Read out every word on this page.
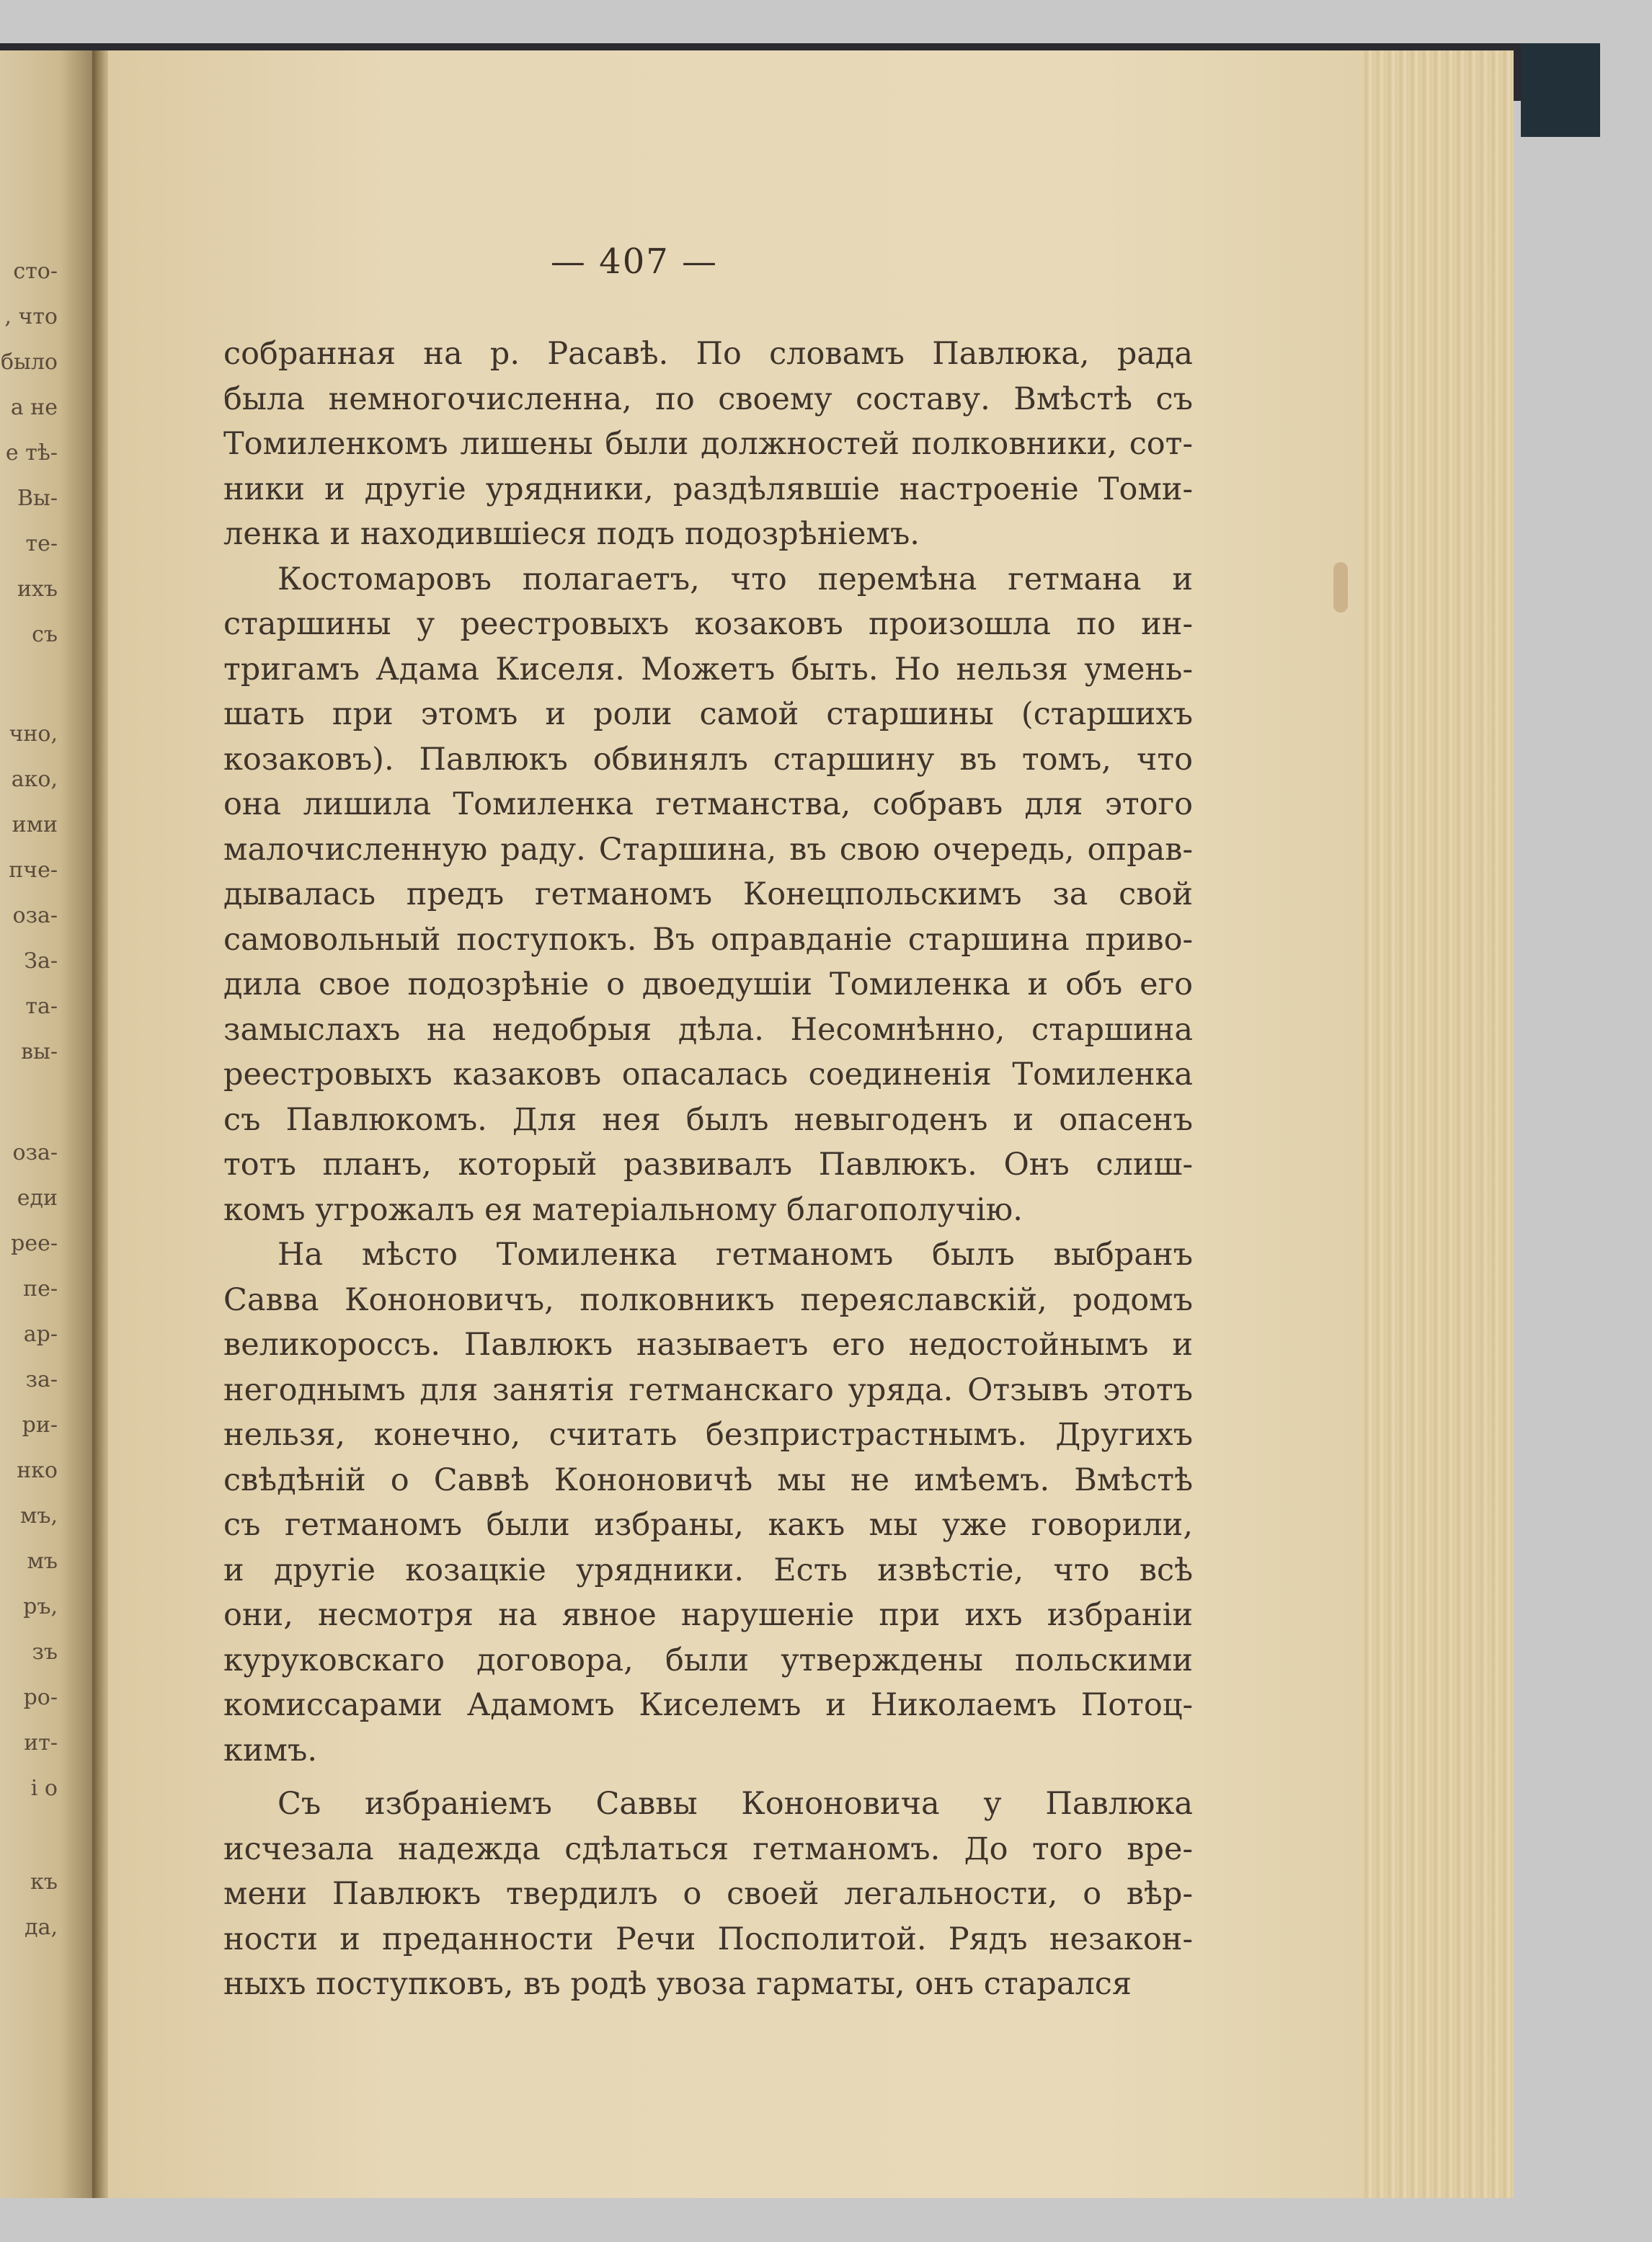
сто-
, что
было
а не
е тѣ-
Вы-
те-
ихъ
съ
чно,
ако,
ими
пче-
оза-
За-
та-
вы-
оза-
еди
рее-
пе-
ар-
за-
ри-
нко
мъ,
мъ
ръ,
зъ
ро-
ит-
і о
къ
да,
— 407 —
собранная на р. Расавѣ. По словамъ Павлюка, рада
была немногочисленна, по своему составу. Вмѣстѣ съ
Томиленкомъ лишены были должностей полковники, сот-
ники и другіе урядники, раздѣлявшіе настроеніе Томи-
ленка и находившіеся подъ подозрѣніемъ.
Костомаровъ полагаетъ, что перемѣна гетмана и
старшины у реестровыхъ козаковъ произошла по ин-
тригамъ Адама Киселя. Можетъ быть. Но нельзя умень-
шать при этомъ и роли самой старшины (старшихъ
козаковъ). Павлюкъ обвинялъ старшину въ томъ, что
она лишила Томиленка гетманства, собравъ для этого
малочисленную раду. Старшина, въ свою очередь, оправ-
дывалась предъ гетманомъ Конецпольскимъ за свой
самовольный поступокъ. Въ оправданіе старшина приво-
дила свое подозрѣніе о двоедушіи Томиленка и объ его
замыслахъ на недобрыя дѣла. Несомнѣнно, старшина
реестровыхъ казаковъ опасалась соединенія Томиленка
съ Павлюкомъ. Для нея былъ невыгоденъ и опасенъ
тотъ планъ, который развивалъ Павлюкъ. Онъ слиш-
комъ угрожалъ ея матеріальному благополучію.
На мѣсто Томиленка гетманомъ былъ выбранъ
Савва Кононовичъ, полковникъ переяславскій, родомъ
великороссъ. Павлюкъ называетъ его недостойнымъ и
негоднымъ для занятія гетманскаго уряда. Отзывъ этотъ
нельзя, конечно, считать безпристрастнымъ. Другихъ
свѣдѣній о Саввѣ Кононовичѣ мы не имѣемъ. Вмѣстѣ
съ гетманомъ были избраны, какъ мы уже говорили,
и другіе козацкіе урядники. Есть извѣстіе, что всѣ
они, несмотря на явное нарушеніе при ихъ избраніи
куруковскаго договора, были утверждены польскими
комиссарами Адамомъ Киселемъ и Николаемъ Потоц-
кимъ.
Съ избраніемъ Саввы Кононовича у Павлюка
исчезала надежда сдѣлаться гетманомъ. До того вре-
мени Павлюкъ твердилъ о своей легальности, о вѣр-
ности и преданности Речи Посполитой. Рядъ незакон-
ныхъ поступковъ, въ родѣ увоза гарматы, онъ старался
